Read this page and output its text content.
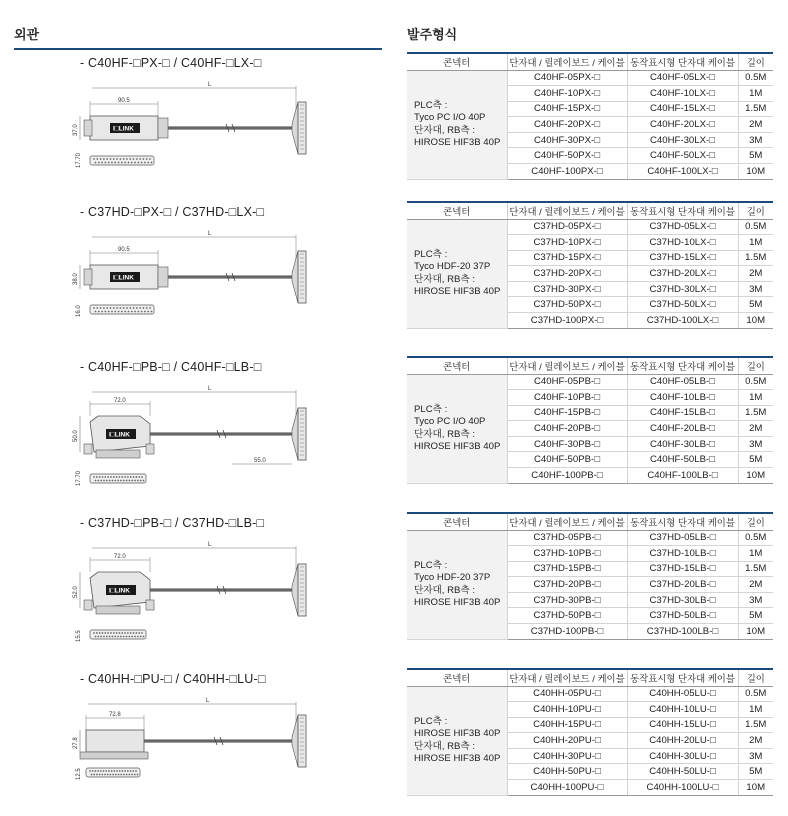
외관	발주형식
- C40HF-□PX-□ / C40HF-□LX-□
L
90.5
37.0	I□LINK
17.70
콘넥터	단자대 / 릴레이보드 / 케이블	동작표시형 단자대 케이블	길이

PLC측 :
Tyco PC I/O 40P
단자대, RB측 :
HIROSE HIF3B 40P	C40HF-05PX-□	C40HF-05LX-□	0.5M
	C40HF-10PX-□	C40HF-10LX-□	1M
	C40HF-15PX-□	C40HF-15LX-□	1.5M
	C40HF-20PX-□	C40HF-20LX-□	2M
	C40HF-30PX-□	C40HF-30LX-□	3M
	C40HF-50PX-□	C40HF-50LX-□	5M
	C40HF-100PX-□	C40HF-100LX-□	10M
- C37HD-□PX-□ / C37HD-□LX-□
L
90.5
38.0	I□LINK
16.0
콘넥터	단자대 / 릴레이보드 / 케이블	동작표시형 단자대 케이블	길이

PLC측 :
Tyco HDF-20 37P
단자대, RB측 :
HIROSE HIF3B 40P	C37HD-05PX-□	C37HD-05LX-□	0.5M
	C37HD-10PX-□	C37HD-10LX-□	1M
	C37HD-15PX-□	C37HD-15LX-□	1.5M
	C37HD-20PX-□	C37HD-20LX-□	2M
	C37HD-30PX-□	C37HD-30LX-□	3M
	C37HD-50PX-□	C37HD-50LX-□	5M
	C37HD-100PX-□	C37HD-100LX-□	10M
- C40HF-□PB-□ / C40HF-□LB-□
L
72.0
50.0	I□LINK
55.0
17.70
콘넥터	단자대 / 릴레이보드 / 케이블	동작표시형 단자대 케이블	길이

PLC측 :
Tyco PC I/O 40P
단자대, RB측 :
HIROSE HIF3B 40P	C40HF-05PB-□	C40HF-05LB-□	0.5M
	C40HF-10PB-□	C40HF-10LB-□	1M
	C40HF-15PB-□	C40HF-15LB-□	1.5M
	C40HF-20PB-□	C40HF-20LB-□	2M
	C40HF-30PB-□	C40HF-30LB-□	3M
	C40HF-50PB-□	C40HF-50LB-□	5M
	C40HF-100PB-□	C40HF-100LB-□	10M
- C37HD-□PB-□ / C37HD-□LB-□
L
72.0
52.0	I□LINK
15.5
콘넥터	단자대 / 릴레이보드 / 케이블	동작표시형 단자대 케이블	길이

PLC측 :
Tyco HDF-20 37P
단자대, RB측 :
HIROSE HIF3B 40P	C37HD-05PB-□	C37HD-05LB-□	0.5M
	C37HD-10PB-□	C37HD-10LB-□	1M
	C37HD-15PB-□	C37HD-15LB-□	1.5M
	C37HD-20PB-□	C37HD-20LB-□	2M
	C37HD-30PB-□	C37HD-30LB-□	3M
	C37HD-50PB-□	C37HD-50LB-□	5M
	C37HD-100PB-□	C37HD-100LB-□	10M
- C40HH-□PU-□ / C40HH-□LU-□
L
72.8
27.8
12.5
콘넥터	단자대 / 릴레이보드 / 케이블	동작표시형 단자대 케이블	길이

PLC측 :
HIROSE HIF3B 40P
단자대, RB측 :
HIROSE HIF3B 40P	C40HH-05PU-□	C40HH-05LU-□	0.5M
	C40HH-10PU-□	C40HH-10LU-□	1M
	C40HH-15PU-□	C40HH-15LU-□	1.5M
	C40HH-20PU-□	C40HH-20LU-□	2M
	C40HH-30PU-□	C40HH-30LU-□	3M
	C40HH-50PU-□	C40HH-50LU-□	5M
	C40HH-100PU-□	C40HH-100LU-□	10M
